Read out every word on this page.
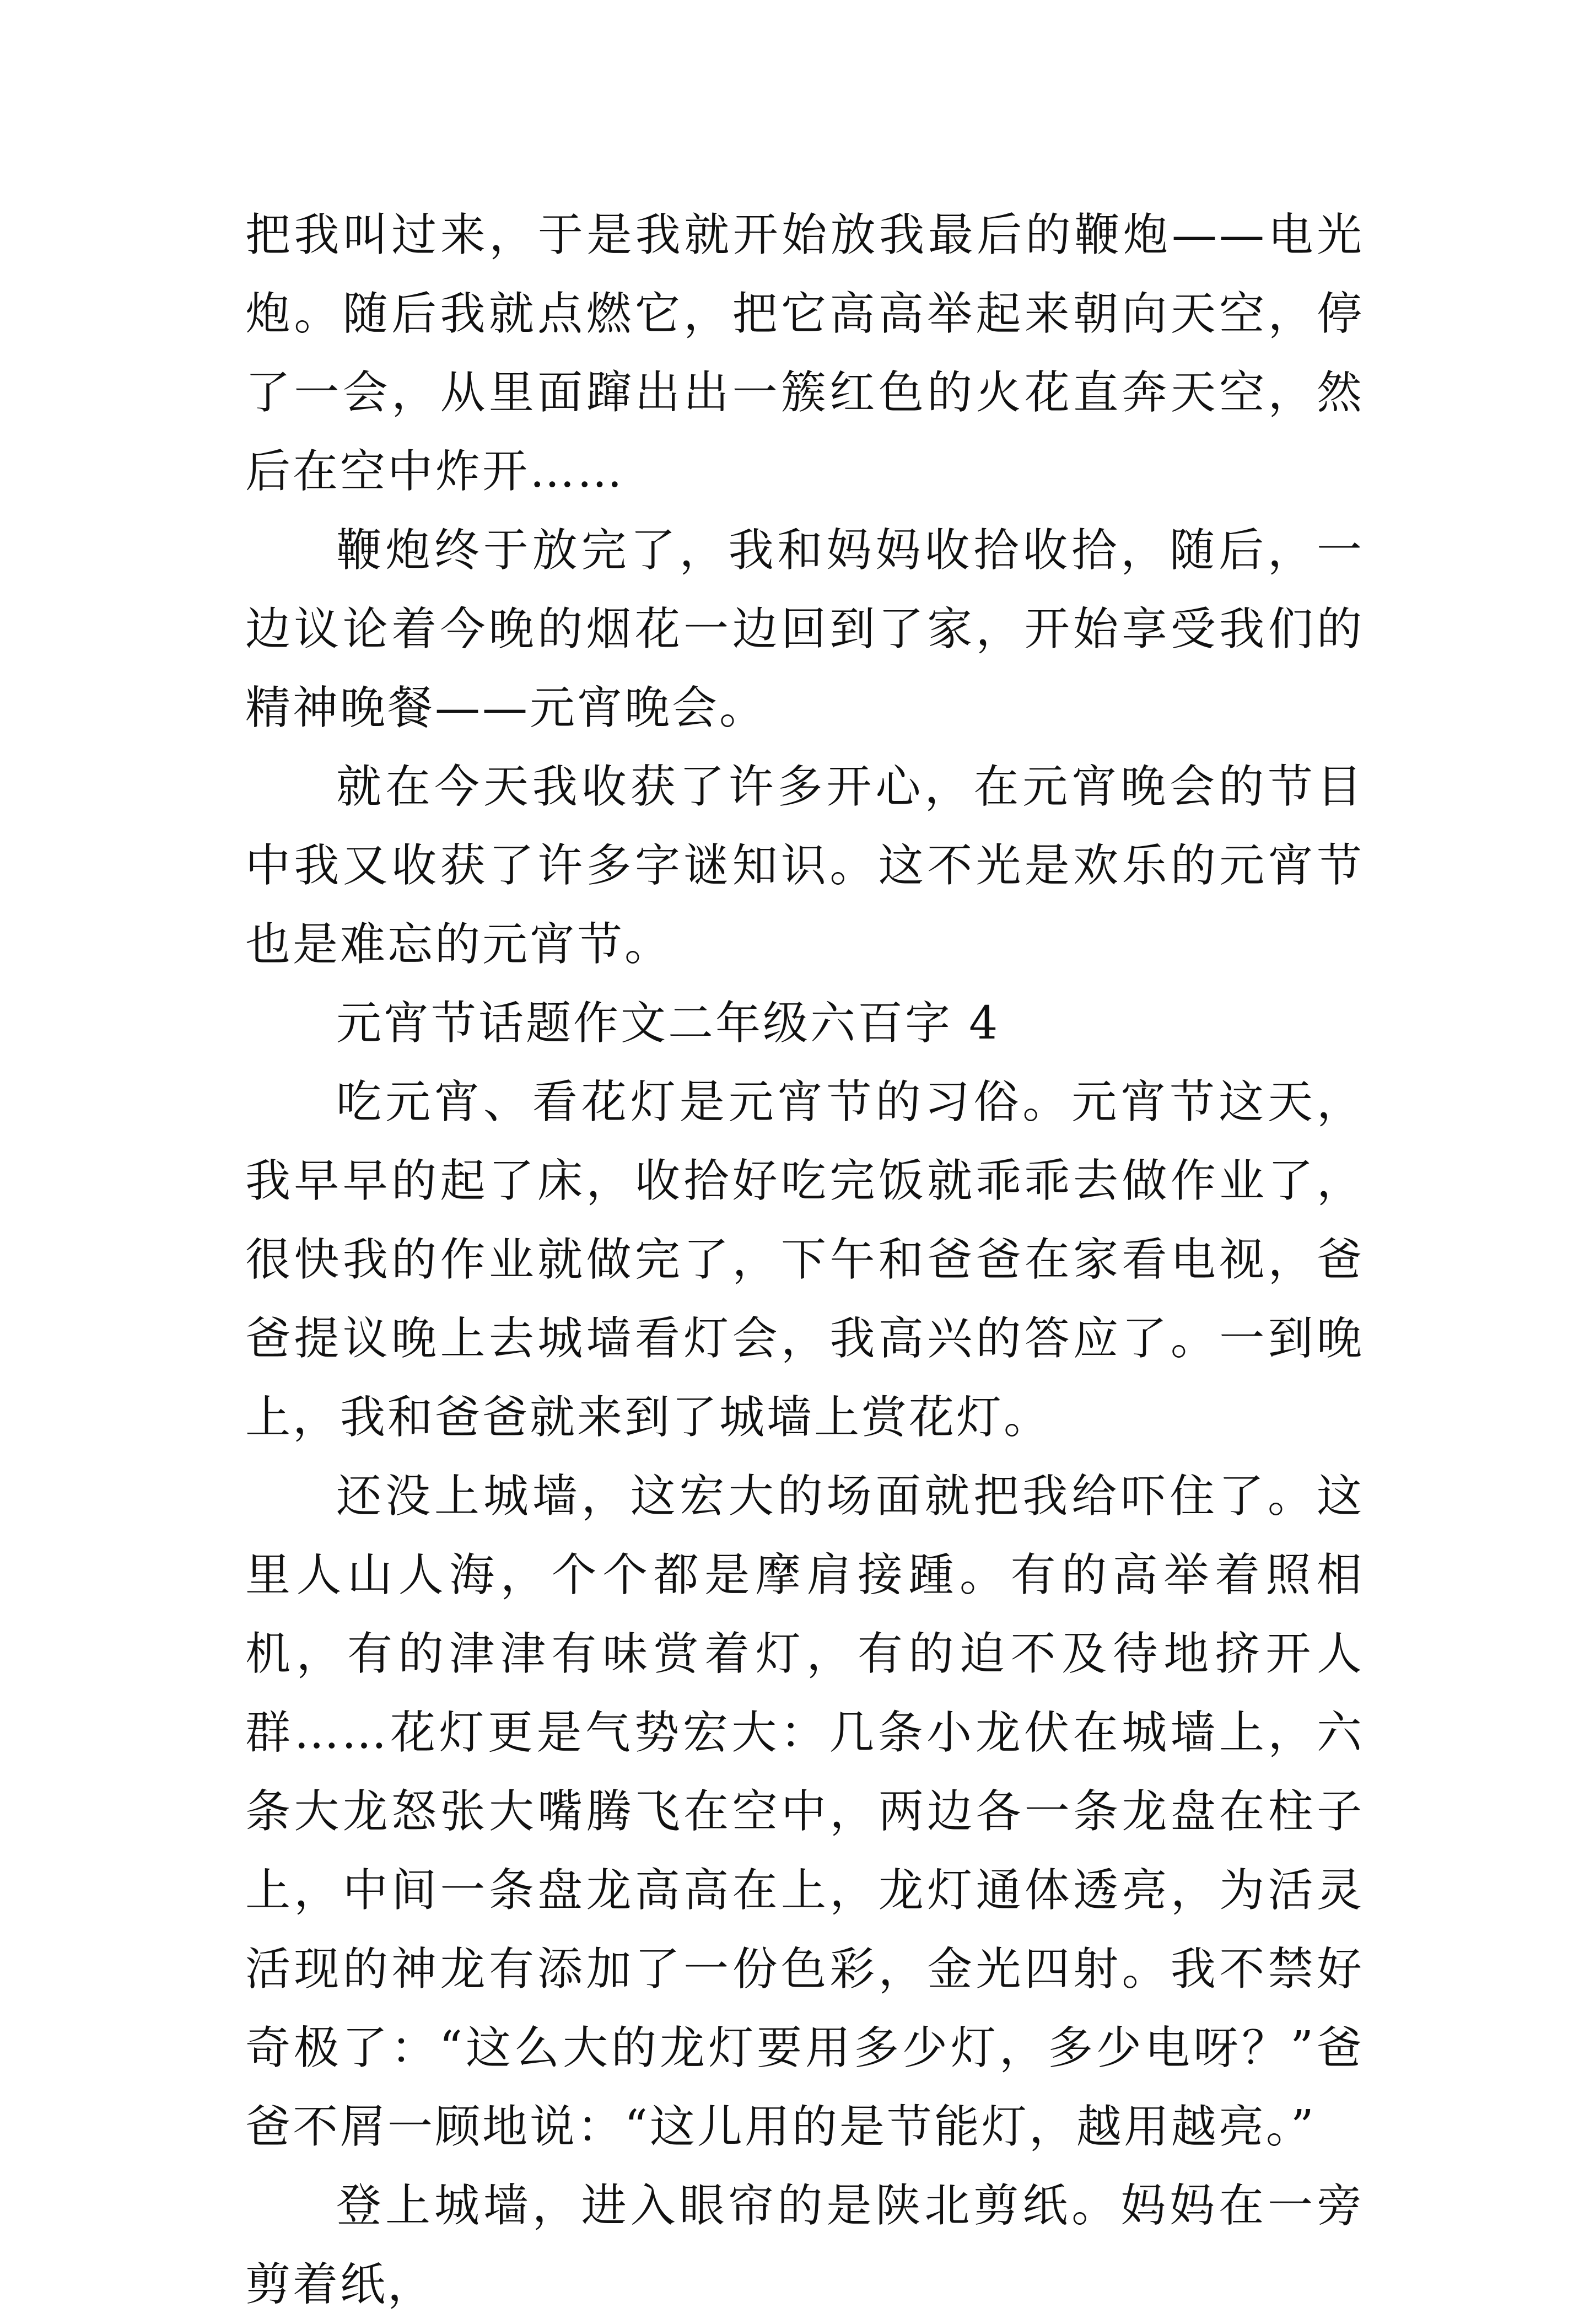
把我叫过来，于是我就开始放我最后的鞭炮——电光炮。随后我就点燃它，把它高高举起来朝向天空，停了一会，从里面蹿出出一簇红色的火花直奔天空，然后在空中炸开……

鞭炮终于放完了，我和妈妈收拾收拾，随后，一边议论着今晚的烟花一边回到了家，开始享受我们的精神晚餐——元宵晚会。

就在今天我收获了许多开心，在元宵晚会的节目中我又收获了许多字谜知识。这不光是欢乐的元宵节也是难忘的元宵节。

元宵节话题作文二年级六百字 4

吃元宵、看花灯是元宵节的习俗。元宵节这天，我早早的起了床，收拾好吃完饭就乖乖去做作业了，很快我的作业就做完了，下午和爸爸在家看电视，爸爸提议晚上去城墙看灯会，我高兴的答应了。一到晚上，我和爸爸就来到了城墙上赏花灯。

还没上城墙，这宏大的场面就把我给吓住了。这里人山人海，个个都是摩肩接踵。有的高举着照相机，有的津津有味赏着灯，有的迫不及待地挤开人群……花灯更是气势宏大：几条小龙伏在城墙上，六条大龙怒张大嘴腾飞在空中，两边各一条龙盘在柱子上，中间一条盘龙高高在上，龙灯通体透亮，为活灵活现的神龙有添加了一份色彩，金光四射。我不禁好奇极了：“这么大的龙灯要用多少灯，多少电呀？”爸爸不屑一顾地说：“这儿用的是节能灯，越用越亮。”

登上城墙，进入眼帘的是陕北剪纸。妈妈在一旁剪着纸，
